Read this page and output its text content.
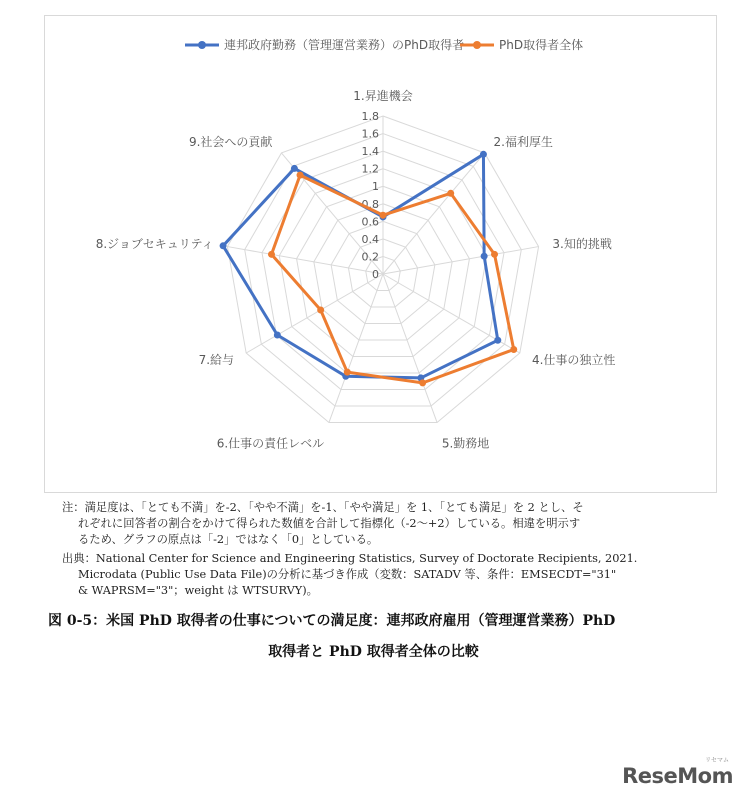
0
0.2
0.4
0.6
0.8
1
1.2
1.4
1.6
1.8
1.昇進機会
2.福利厚生
3.知的挑戦
4.仕事の独立性
5.勤務地
6.仕事の責任レベル
7.給与
8.ジョブセキュリティ
9.社会への貢献
連邦政府勤務（管理運営業務）のPhD取得者	PhD取得者全体
注：満足度は、「とても不満」を-2、「やや不満」を-1、「やや満足」を 1、「とても満足」を 2 とし、そ
れぞれに回答者の割合をかけて得られた数値を合計して指標化（-2〜+2）している。相違を明示す
るため、グラフの原点は「-2」ではなく「0」としている。
出典：National Center for Science and Engineering Statistics, Survey of Doctorate Recipients, 2021.
Microdata (Public Use Data File)の分析に基づき作成（変数：SATADV 等、条件：EMSECDT="31"
& WAPRSM="3"；weight は WTSURVY)。
図 0-5：米国 PhD 取得者の仕事についての満足度：連邦政府雇用（管理運営業務）PhD
取得者と PhD 取得者全体の比較
リセマム
ReseMom
